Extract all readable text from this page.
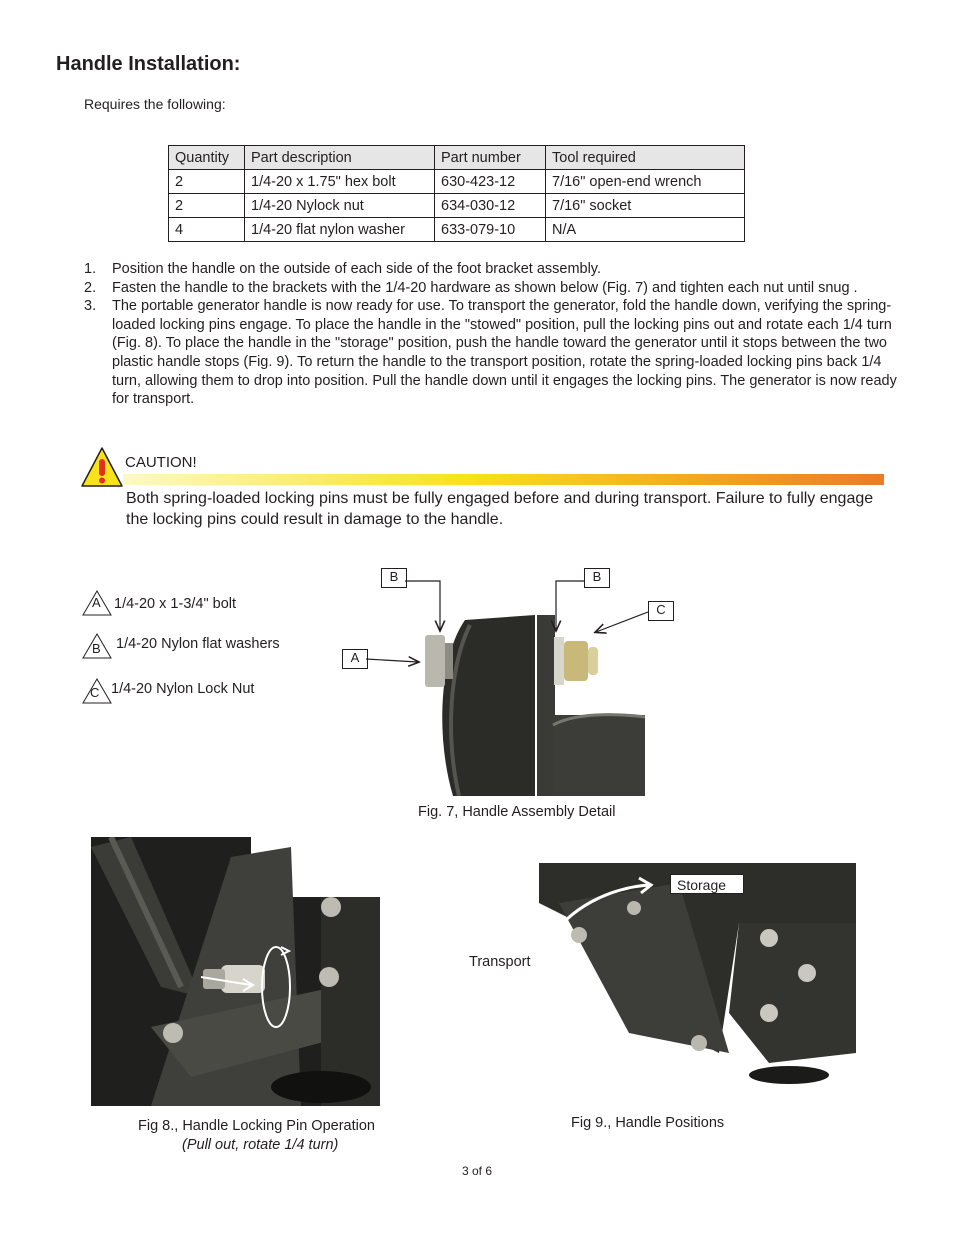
Handle Installation:
Requires the following:
Quantity	Part description	Part number	Tool required
2	1/4-20 x 1.75" hex bolt	630-423-12	7/16" open-end wrench
2	1/4-20 Nylock nut	634-030-12	7/16" socket
4	1/4-20 flat nylon washer	633-079-10	N/A
1. Position the handle on the outside of each side of the foot bracket assembly.
2. Fasten the handle to the brackets with the 1/4-20 hardware as shown below (Fig. 7) and tighten each nut until snug .
3. The portable generator handle is now ready for use. To transport the generator, fold the handle down, verifying the spring-loaded locking pins engage. To place the handle in the "stowed" position, pull the locking pins out and rotate each 1/4 turn (Fig. 8). To place the handle in the "storage" position, push the handle toward the generator until it stops between the two plastic handle stops (Fig. 9). To return the handle to the transport position, rotate the spring-loaded locking pins back 1/4 turn, allowing them to drop into position. Pull the handle down until it engages the locking pins. The generator is now ready for transport.
CAUTION!
Both spring-loaded locking pins must be fully engaged before and during transport. Failure to fully engage the locking pins could result in damage to the handle.
A 1/4-20 x 1-3/4" bolt
B 1/4-20 Nylon flat washers
C 1/4-20 Nylon Lock Nut
B	B
C
A
Fig. 7, Handle Assembly Detail
Fig 8., Handle Locking Pin Operation
(Pull out, rotate 1/4 turn)
Storage
Transport
Fig 9., Handle Positions
3 of 6
